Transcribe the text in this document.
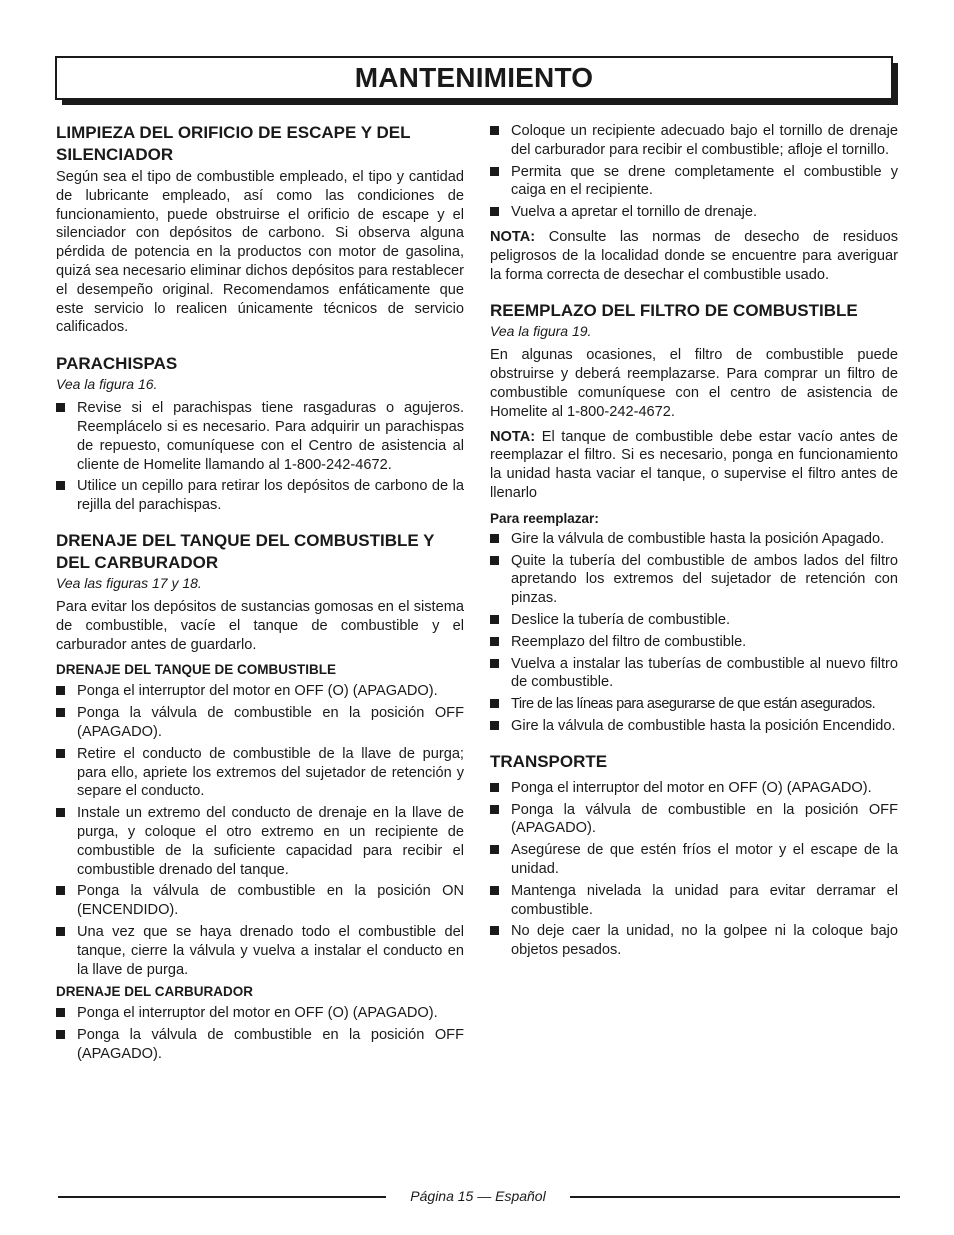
MANTENIMIENTO
LIMPIEZA DEL ORIFICIO DE ESCAPE Y DEL SILENCIADOR

Según sea el tipo de combustible empleado, el tipo y cantidad de lubricante empleado, así como las condiciones de funcionamiento, puede obstruirse el orificio de escape y el silenciador con depósitos de carbono. Si observa alguna pérdida de potencia en la productos con motor de gasolina, quizá sea necesario eliminar dichos depósitos para restablecer el desempeño original. Recomendamos enfáticamente que este servicio lo realicen únicamente técnicos de servicio calificados.

PARACHISPAS

Vea la figura 16.

Revise si el parachispas tiene rasgaduras o agujeros. Reemplácelo si es necesario. Para adquirir un parachispas de repuesto, comuníquese con el Centro de asistencia al cliente de Homelite llamando al 1-800-242-4672.
Utilice un cepillo para retirar los depósitos de carbono de la rejilla del parachispas.
DRENAJE DEL TANQUE DEL COMBUSTIBLE Y DEL CARBURADOR

Vea las figuras 17 y 18.

Para evitar los depósitos de sustancias gomosas en el sistema de combustible, vacíe el tanque de combustible y el carburador antes de guardarlo.

DRENAJE DEL TANQUE DE COMBUSTIBLE
Ponga el interruptor del motor en OFF (O) (APAGADO).
Ponga la válvula de combustible en la posición OFF (APAGADO).
Retire el conducto de combustible de la llave de purga; para ello, apriete los extremos del sujetador de retención y separe el conducto.
Instale un extremo del conducto de drenaje en la llave de purga, y coloque el otro extremo en un recipiente de combustible de la suficiente capacidad para recibir el combustible drenado del tanque.
Ponga la válvula de combustible en la posición ON (ENCENDIDO).
Una vez que se haya drenado todo el combustible del tanque, cierre la válvula y vuelva a instalar el conducto en la llave de purga.
DRENAJE DEL CARBURADOR
Ponga el interruptor del motor en OFF (O) (APAGADO).
Ponga la válvula de combustible en la posición OFF (APAGADO).
Coloque un recipiente adecuado bajo el tornillo de drenaje del carburador para recibir el combustible; afloje el tornillo.
Permita que se drene completamente el combustible y caiga en el recipiente.
Vuelva a apretar el tornillo de drenaje.

NOTA: Consulte las normas de desecho de residuos peligrosos de la localidad donde se encuentre para averiguar la forma correcta de desechar el combustible usado.

REEMPLAZO DEL FILTRO DE COMBUSTIBLE

Vea la figura 19.

En algunas ocasiones, el filtro de combustible puede obstruirse y deberá reemplazarse. Para comprar un filtro de combustible comuníquese con el centro de asistencia de Homelite al 1-800-242-4672.

NOTA: El tanque de combustible debe estar vacío antes de reemplazar el filtro. Si es necesario, ponga en funcionamiento la unidad hasta vaciar el tanque, o supervise el filtro antes de llenarlo

Para reemplazar:
Gire la válvula de combustible hasta la posición Apagado.
Quite la tubería del combustible de ambos lados del filtro apretando los extremos del sujetador de retención con pinzas.
Deslice la tubería de combustible.
Reemplazo del filtro de combustible.
Vuelva a instalar las tuberías de combustible al nuevo filtro de combustible.
Tire de las líneas para asegurarse de que están asegurados.
Gire la válvula de combustible hasta la posición Encendido.
TRANSPORTE
Ponga el interruptor del motor en OFF (O) (APAGADO).
Ponga la válvula de combustible en la posición OFF (APAGADO).
Asegúrese de que estén fríos el motor y el escape de la unidad.
Mantenga nivelada la unidad para evitar derramar el combustible.
No deje caer la unidad, no la golpee ni la coloque bajo objetos pesados.
Página 15 — Español
